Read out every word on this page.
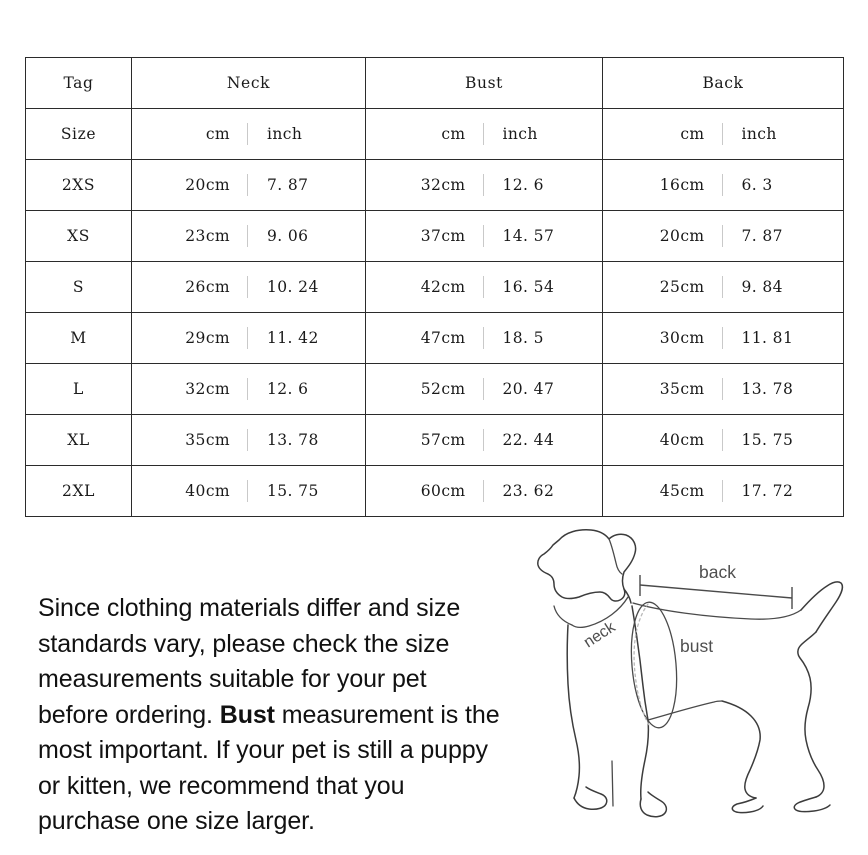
Tag	Neck	Bust	Back
Size	cm inch	cm inch	cm inch

2XS	20cm 7. 87	32cm 12. 6	16cm 6. 3

XS	23cm 9. 06	37cm 14. 57	20cm 7. 87

S	26cm 10. 24	42cm 16. 54	25cm 9. 84

M	29cm 11. 42	47cm 18. 5	30cm 11. 81

L	32cm 12. 6	52cm 20. 47	35cm 13. 78

XL	35cm 13. 78	57cm 22. 44	40cm 15. 75

2XL	40cm 15. 75	60cm 23. 62	45cm 17. 72

Since clothing materials differ and size standards vary, please check the size measurements suitable for your pet before ordering. Bust measurement is the most important. If your pet is still a puppy or kitten, we recommend that you purchase one size larger.

neck	bust
back
